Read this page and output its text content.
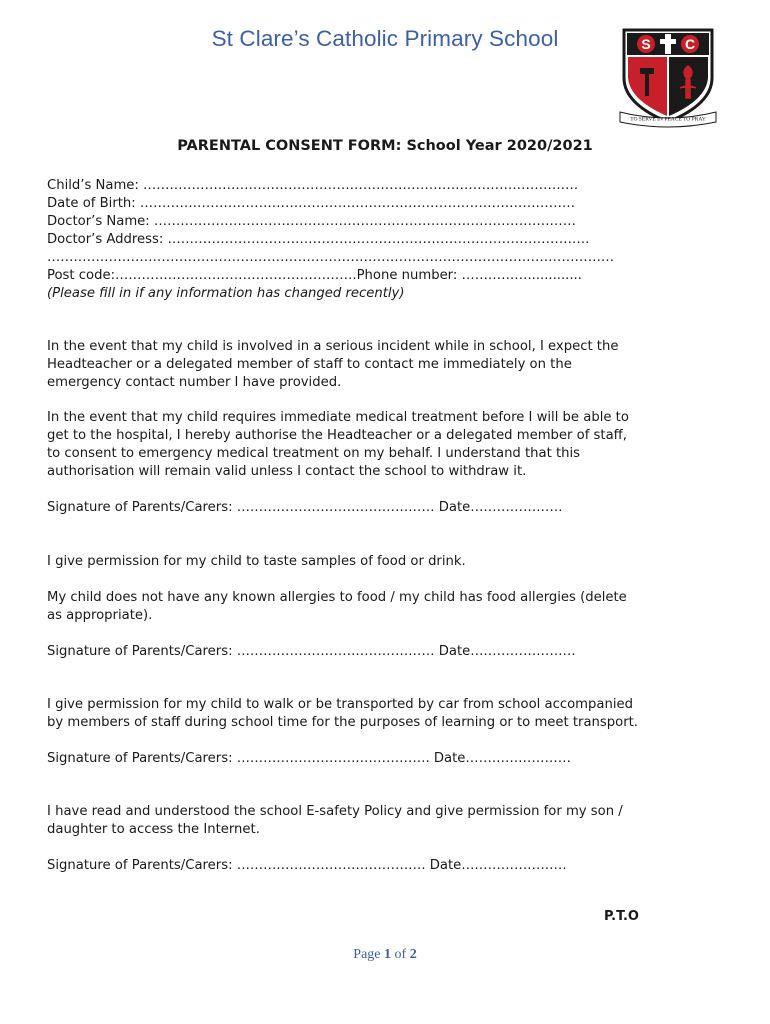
St Clare’s Catholic Primary School	S C
TO SERVE IN PEACE TO PRAY
PARENTAL CONSENT FORM: School Year 2020/2021
Child’s Name: ………………………………………………………………………………………
Date of Birth: ………………………………………………………………………………………
Doctor’s Name: ……………………………………………………………………………………
Doctor’s Address: ……………………………………………………………………………………
…………………………………………………………………………………………………………………
Post code:……………………………………………….Phone number: …………….............
(Please fill in if any information has changed recently)
In the event that my child is involved in a serious incident while in school, I expect the
Headteacher or a delegated member of staff to contact me immediately on the
emergency contact number I have provided.
In the event that my child requires immediate medical treatment before I will be able to
get to the hospital, I hereby authorise the Headteacher or a delegated member of staff,
to consent to emergency medical treatment on my behalf. I understand that this
authorisation will remain valid unless I contact the school to withdraw it.
Signature of Parents/Carers: ……………………………………… Date…………………
I give permission for my child to taste samples of food or drink.
My child does not have any known allergies to food / my child has food allergies (delete
as appropriate).
Signature of Parents/Carers: ……………………………………… Date……………………
I give permission for my child to walk or be transported by car from school accompanied
by members of staff during school time for the purposes of learning or to meet transport.
Signature of Parents/Carers: ……………………….……………. Date……………………
I have read and understood the school E-safety Policy and give permission for my son /
daughter to access the Internet.
Signature of Parents/Carers: ……………………………………. Date……………………
P.T.O
Page 1 of 2
